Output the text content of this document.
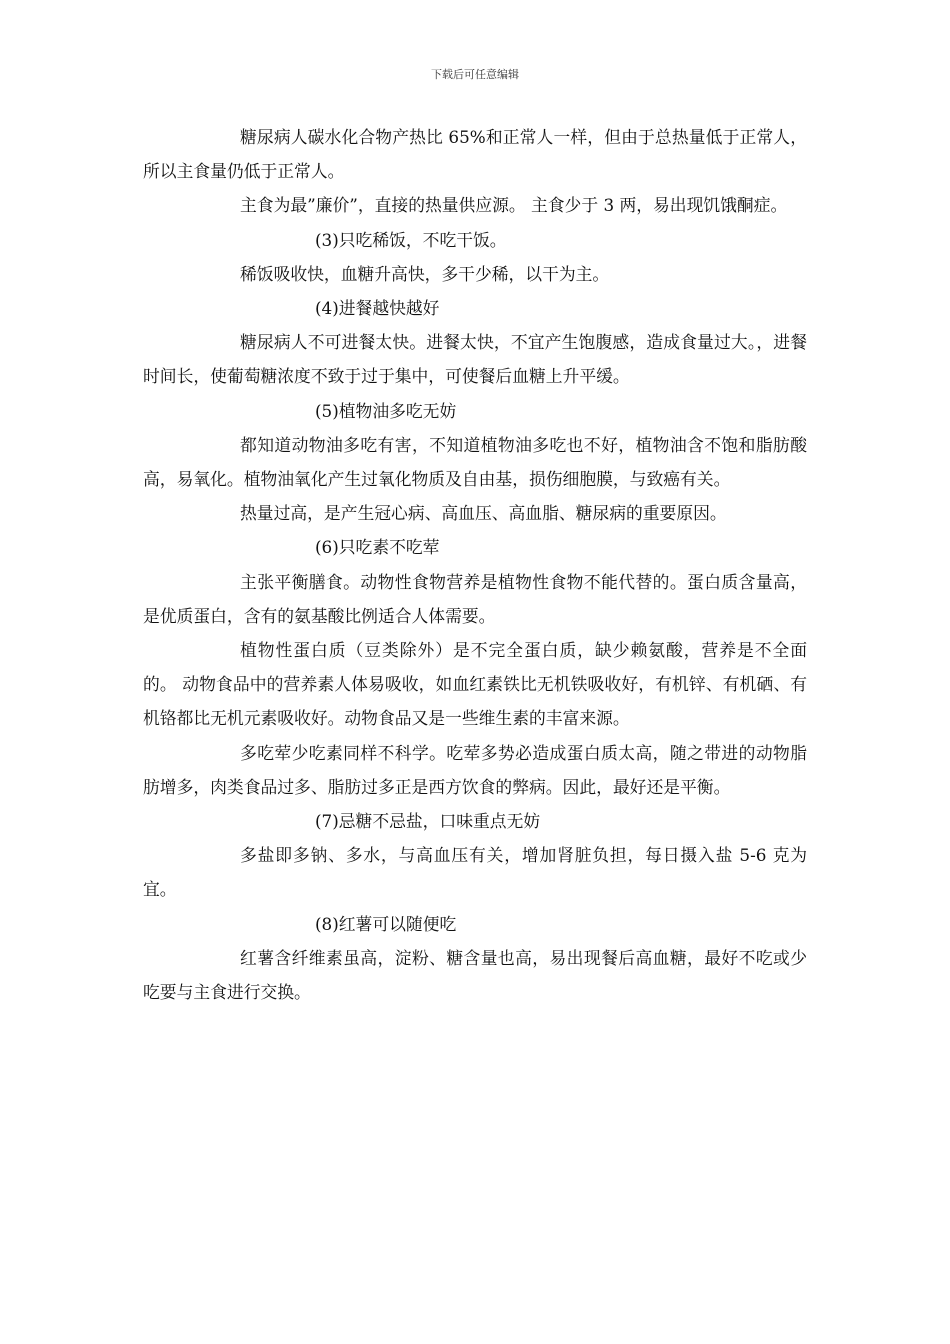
下载后可任意编辑

糖尿病人碳水化合物产热比 65%和正常人一样，但由于总热量低于正常人，所以主食量仍低于正常人。

主食为最”廉价”，直接的热量供应源。 主食少于 3 两，易出现饥饿酮症。

(3)只吃稀饭，不吃干饭。

稀饭吸收快，血糖升高快，多干少稀，以干为主。

(4)进餐越快越好

糖尿病人不可进餐太快。进餐太快，不宜产生饱腹感，造成食量过大。，进餐时间长，使葡萄糖浓度不致于过于集中，可使餐后血糖上升平缓。

(5)植物油多吃无妨

都知道动物油多吃有害，不知道植物油多吃也不好，植物油含不饱和脂肪酸高，易氧化。植物油氧化产生过氧化物质及自由基，损伤细胞膜，与致癌有关。

热量过高，是产生冠心病、高血压、高血脂、糖尿病的重要原因。

(6)只吃素不吃荤

主张平衡膳食。动物性食物营养是植物性食物不能代替的。蛋白质含量高，是优质蛋白，含有的氨基酸比例适合人体需要。

植物性蛋白质（豆类除外）是不完全蛋白质，缺少赖氨酸，营养是不全面的。 动物食品中的营养素人体易吸收，如血红素铁比无机铁吸收好，有机锌、有机硒、有机铬都比无机元素吸收好。动物食品又是一些维生素的丰富来源。

多吃荤少吃素同样不科学。吃荤多势必造成蛋白质太高，随之带进的动物脂肪增多，肉类食品过多、脂肪过多正是西方饮食的弊病。因此，最好还是平衡。

(7)忌糖不忌盐，口味重点无妨

多盐即多钠、多水，与高血压有关，增加肾脏负担，每日摄入盐 5-6 克为宜。

(8)红薯可以随便吃

红薯含纤维素虽高，淀粉、糖含量也高，易出现餐后高血糖，最好不吃或少吃要与主食进行交换。
